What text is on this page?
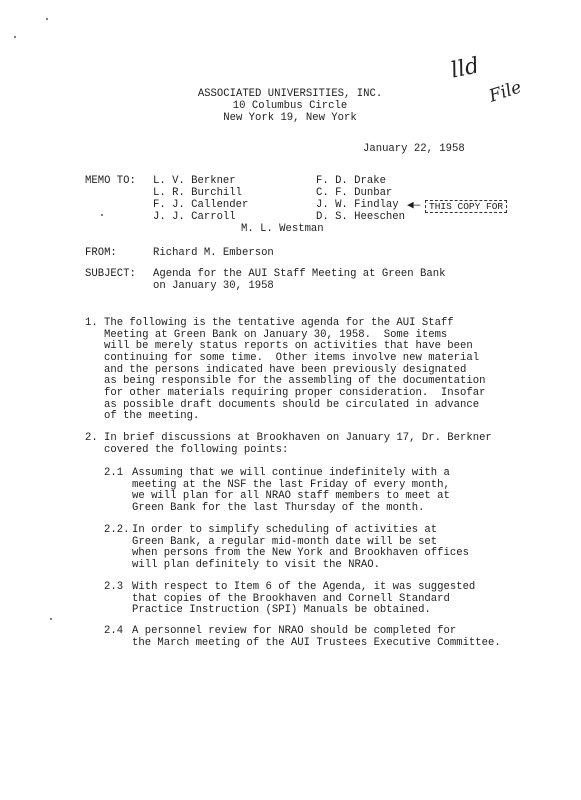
lld
File
ASSOCIATED UNIVERSITIES, INC.
10 Columbus Circle
New York 19, New York
January 22, 1958
MEMO TO: L. V. Berkner
L. R. Burchill
F. J. Callender
J. J. Carroll
F. D. Drake
C. F. Dunbar
J. W. Findlay
D. S. Heeschen
M. L. Westman
◀— THIS COPY FOR
FROM:	Richard M. Emberson
SUBJECT: Agenda for the AUI Staff Meeting at Green Bank
on January 30, 1958
1. The following is the tentative agenda for the AUI Staff
Meeting at Green Bank on January 30, 1958.  Some items
will be merely status reports on activities that have been
continuing for some time.  Other items involve new material
and the persons indicated have been previously designated
as being responsible for the assembling of the documentation
for other materials requiring proper consideration.  Insofar
as possible draft documents should be circulated in advance
of the meeting.
2. In brief discussions at Brookhaven on January 17, Dr. Berkner
covered the following points:
2.1 Assuming that we will continue indefinitely with a
meeting at the NSF the last Friday of every month,
we will plan for all NRAO staff members to meet at
Green Bank for the last Thursday of the month.
2.2. In order to simplify scheduling of activities at
Green Bank, a regular mid-month date will be set
when persons from the New York and Brookhaven offices
will plan definitely to visit the NRAO.
2.3 With respect to Item 6 of the Agenda, it was suggested
that copies of the Brookhaven and Cornell Standard
Practice Instruction (SPI) Manuals be obtained.
2.4 A personnel review for NRAO should be completed for
the March meeting of the AUI Trustees Executive Committee.
